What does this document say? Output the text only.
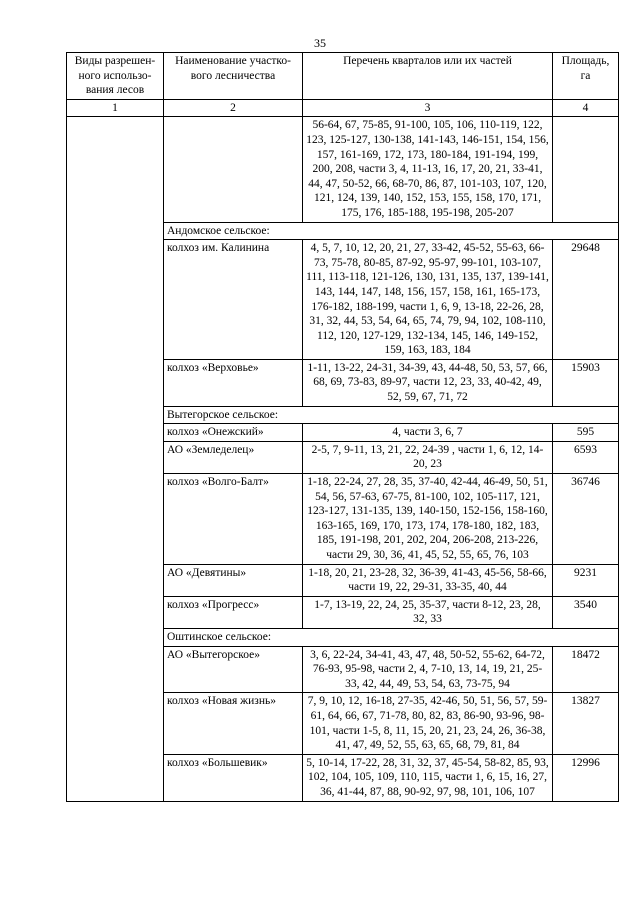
35
Виды разрешен-ного использо-вания лесов	Наименование участко-вого лесничества	Перечень кварталов или их частей	Площадь, га
1	2	3	4
		56-64, 67, 75-85, 91-100, 105, 106, 110-119, 122, 123, 125-127, 130-138, 141-143, 146-151, 154, 156, 157, 161-169, 172, 173, 180-184, 191-194, 199, 200, 208, части 3, 4, 11-13, 16, 17, 20, 21, 33-41, 44, 47, 50-52, 66, 68-70, 86, 87, 101-103, 107, 120, 121, 124, 139, 140, 152, 153, 155, 158, 170, 171, 175, 176, 185-188, 195-198, 205-207	
	Андомское сельское:		
	колхоз им. Калинина	4, 5, 7, 10, 12, 20, 21, 27, 33-42, 45-52, 55-63, 66-73, 75-78, 80-85, 87-92, 95-97, 99-101, 103-107, 111, 113-118, 121-126, 130, 131, 135, 137, 139-141, 143, 144, 147, 148, 156, 157, 158, 161, 165-173, 176-182, 188-199, части 1, 6, 9, 13-18, 22-26, 28, 31, 32, 44, 53, 54, 64, 65, 74, 79, 94, 102, 108-110, 112, 120, 127-129, 132-134, 145, 146, 149-152, 159, 163, 183, 184	29648
	колхоз «Верховье»	1-11, 13-22, 24-31, 34-39, 43, 44-48, 50, 53, 57, 66, 68, 69, 73-83, 89-97, части 12, 23, 33, 40-42, 49, 52, 59, 67, 71, 72	15903
	Вытегорское сельское:		
	колхоз «Онежский»	4, части 3, 6, 7	595
	АО «Земледелец»	2-5, 7, 9-11, 13, 21, 22, 24-39 , части 1, 6, 12, 14-20, 23	6593
	колхоз «Волго-Балт»	1-18, 22-24, 27, 28, 35, 37-40, 42-44, 46-49, 50, 51, 54, 56, 57-63, 67-75, 81-100, 102, 105-117, 121, 123-127, 131-135, 139, 140-150, 152-156, 158-160, 163-165, 169, 170, 173, 174, 178-180, 182, 183, 185, 191-198, 201, 202, 204, 206-208, 213-226, части 29, 30, 36, 41, 45, 52, 55, 65, 76, 103	36746
	АО «Девятины»	1-18, 20, 21, 23-28, 32, 36-39, 41-43, 45-56, 58-66, части 19, 22, 29-31, 33-35, 40, 44	9231
	колхоз «Прогресс»	1-7, 13-19, 22, 24, 25, 35-37, части 8-12, 23, 28, 32, 33	3540
	Оштинское сельское:		
	АО «Вытегорское»	3, 6, 22-24, 34-41, 43, 47, 48, 50-52, 55-62, 64-72, 76-93, 95-98, части 2, 4, 7-10, 13, 14, 19, 21, 25-33, 42, 44, 49, 53, 54, 63, 73-75, 94	18472
	колхоз «Новая жизнь»	7, 9, 10, 12, 16-18, 27-35, 42-46, 50, 51, 56, 57, 59-61, 64, 66, 67, 71-78, 80, 82, 83, 86-90, 93-96, 98-101, части 1-5, 8, 11, 15, 20, 21, 23, 24, 26, 36-38, 41, 47, 49, 52, 55, 63, 65, 68, 79, 81, 84	13827
	колхоз «Большевик»	5, 10-14, 17-22, 28, 31, 32, 37, 45-54, 58-82, 85, 93, 102, 104, 105, 109, 110, 115, части 1, 6, 15, 16, 27, 36, 41-44, 87, 88, 90-92, 97, 98, 101, 106, 107	12996
